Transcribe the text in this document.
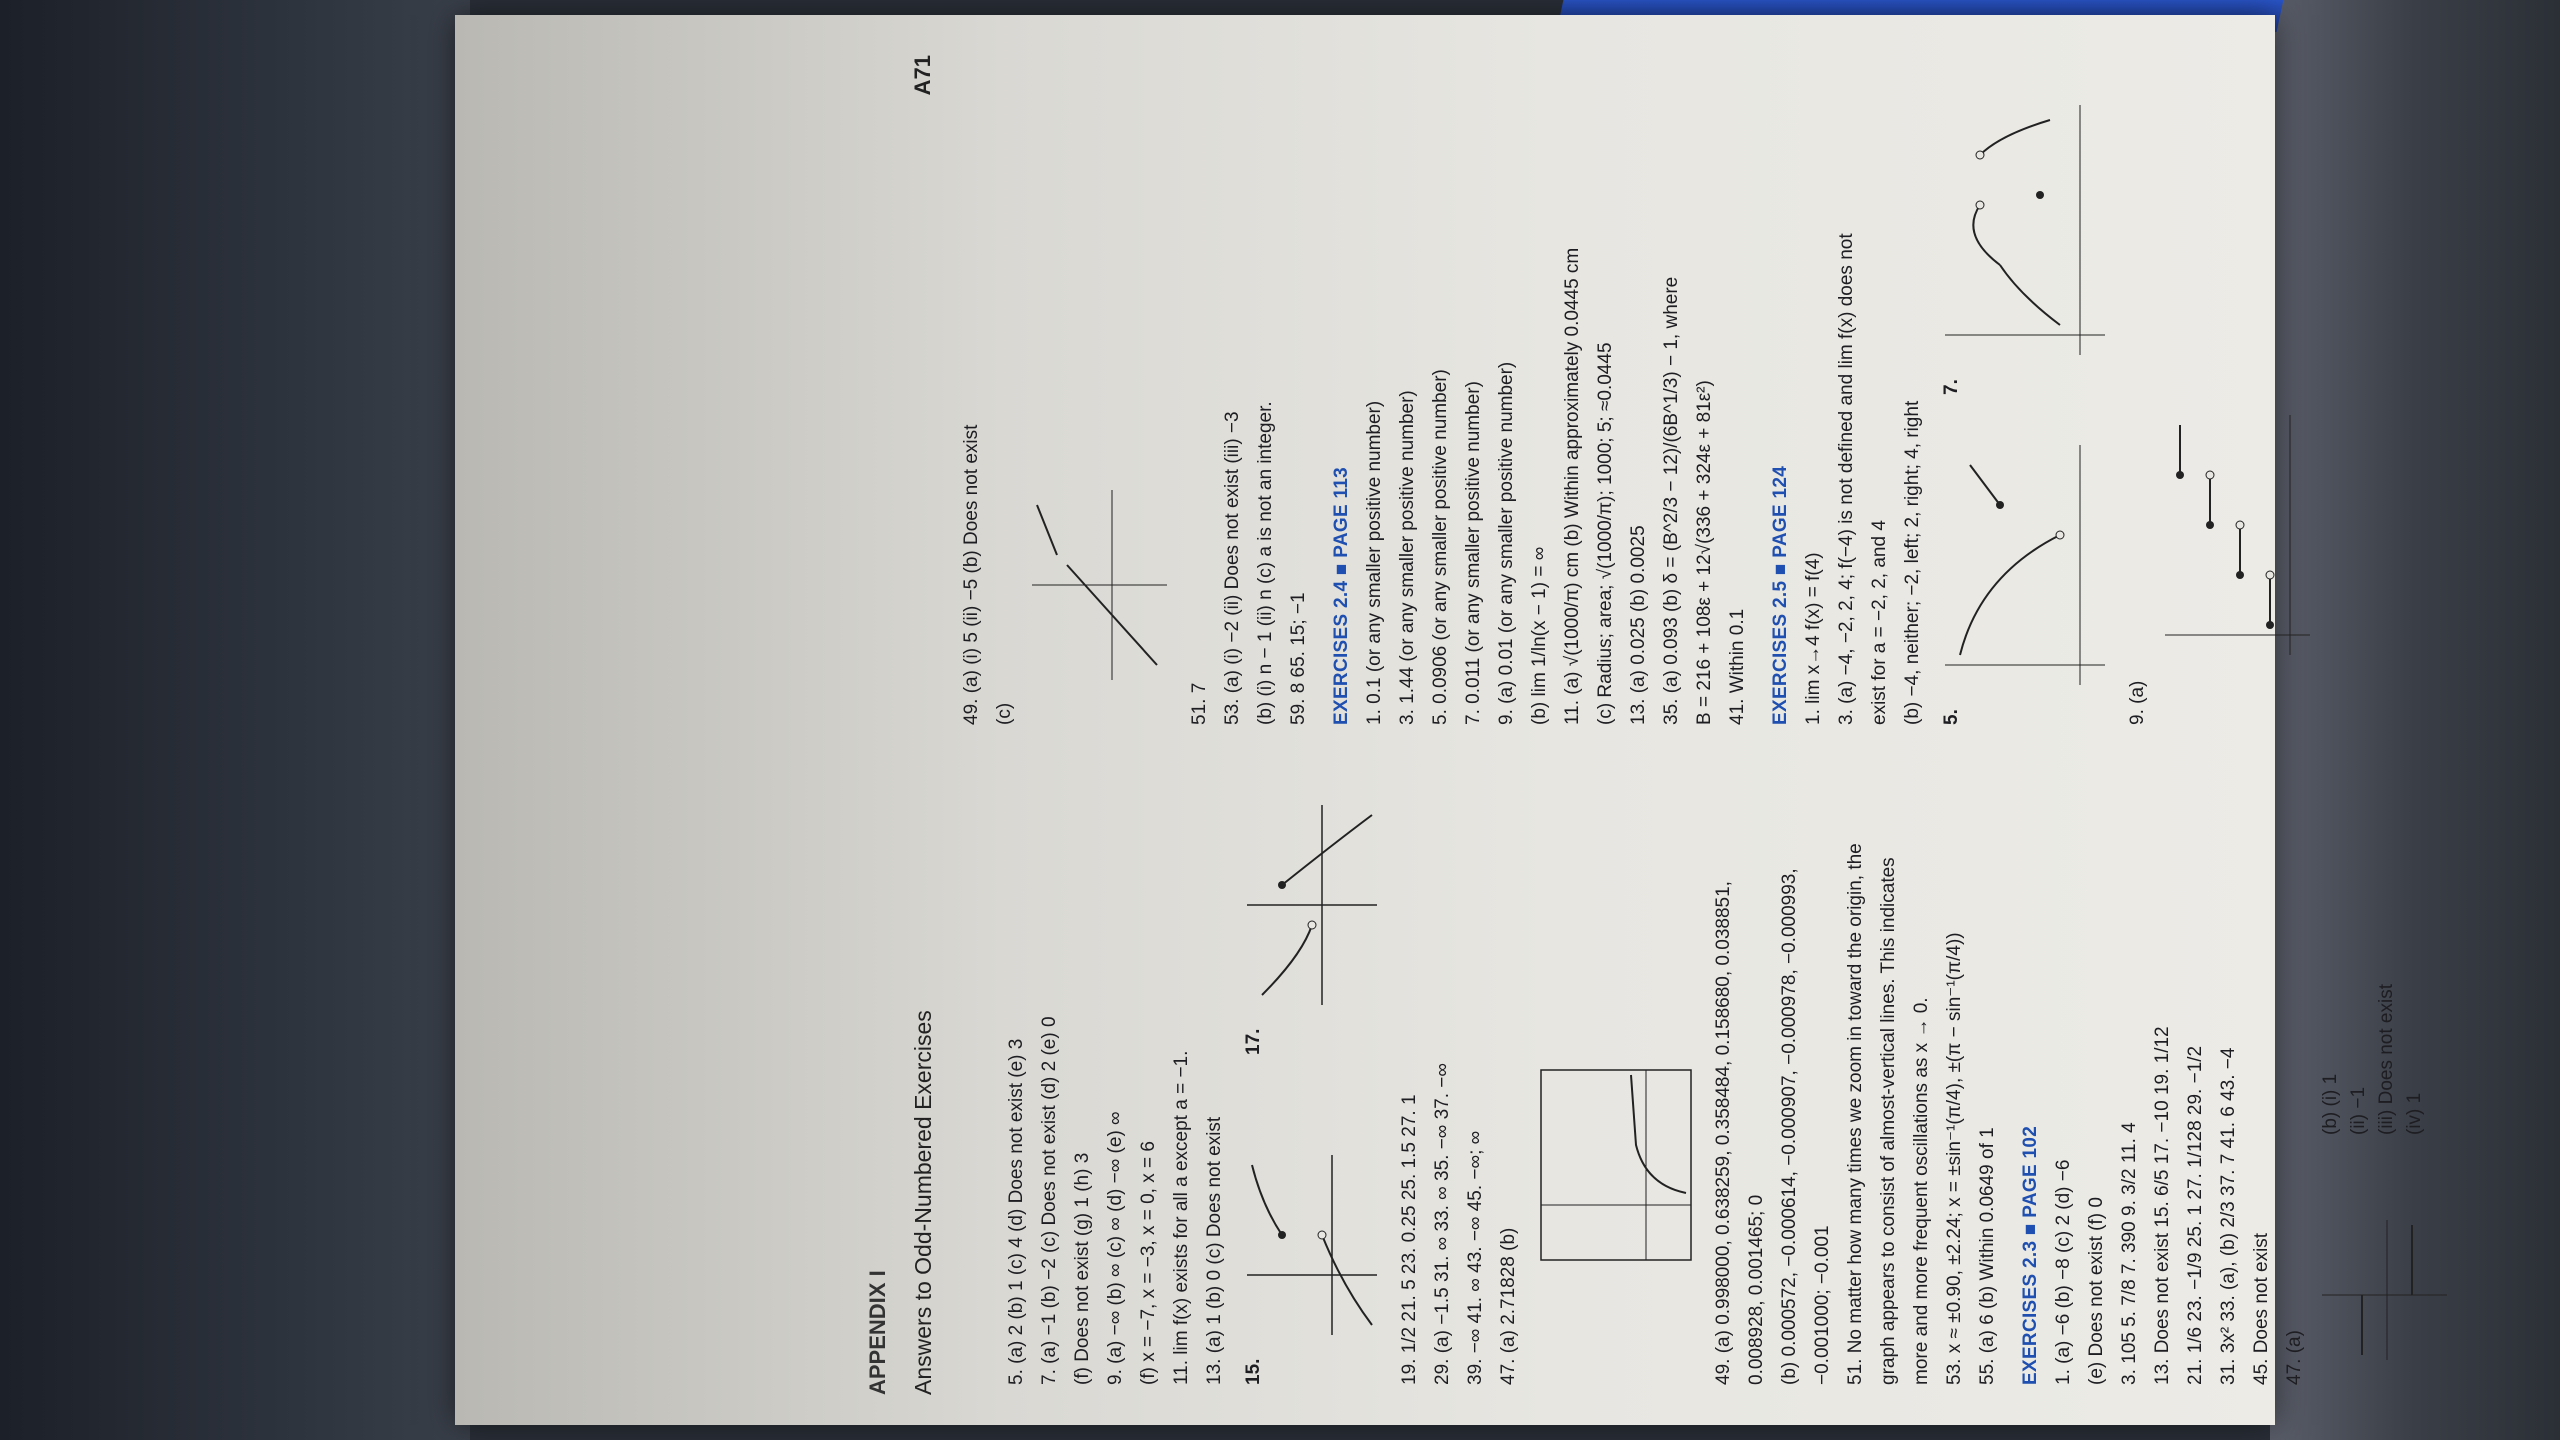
APPENDIX I Answers to Odd-Numbered Exercises
A71
5. (a) 2 (b) 1 (c) 4 (d) Does not exist (e) 3 7. (a) −1 (b) −2 (c) Does not exist (d) 2 (e) 0 (f) Does not exist (g) 1 (h) 3 9. (a) −∞ (b) ∞ (c) ∞ (d) −∞ (e) ∞ (f) x = −7, x = −3, x = 0, x = 6 11. lim f(x) exists for all a except a = −1. 13. (a) 1 (b) 0 (c) Does not exist 15.
17.
19. 1/2 21. 5 23. 0.25 25. 1.5 27. 1 29. (a) −1.5 31. ∞ 33. ∞ 35. −∞ 37. −∞ 39. −∞ 41. ∞ 43. −∞ 45. −∞; ∞ 47. (a) 2.71828 (b)	49. (a) 0.998000, 0.638259, 0.358484, 0.158680, 0.038851, 0.008928, 0.001465; 0 (b) 0.000572, −0.000614, −0.000907, −0.000978, −0.000993, −0.001000; −0.001 51. No matter how many times we zoom in toward the origin, the graph appears to consist of almost-vertical lines. This indicates more and more frequent oscillations as x → 0. 53. x ≈ ±0.90, ±2.24; x = ±sin⁻¹(π/4), ±(π − sin⁻¹(π/4)) 55. (a) 6 (b) Within 0.0649 of 1	EXERCISES 2.3 ■ PAGE 102 1. (a) −6 (b) −8 (c) 2 (d) −6 (e) Does not exist (f) 0 3. 105 5. 7/8 7. 390 9. 3/2 11. 4 13. Does not exist 15. 6/5 17. −10 19. 1/12 21. 1/6 23. −1/9 25. 1 27. 1/128 29. −1/2 31. 3x² 33. (a), (b) 2/3 37. 7 41. 6 43. −4 45. Does not exist 47. (a)
(b) (i) 1 (ii) −1 (iii) Does not exist (iv) 1
49. (a) (i) 5 (ii) −5 (b) Does not exist (c)	51. 7 53. (a) (i) −2 (ii) Does not exist (iii) −3 (b) (i) n − 1 (ii) n (c) a is not an integer. 59. 8 65. 15; −1	EXERCISES 2.4 ■ PAGE 113 1. 0.1 (or any smaller positive number) 3. 1.44 (or any smaller positive number) 5. 0.0906 (or any smaller positive number) 7. 0.011 (or any smaller positive number) 9. (a) 0.01 (or any smaller positive number) (b) lim 1/ln(x − 1) = ∞ 11. (a) √(1000/π) cm (b) Within approximately 0.0445 cm (c) Radius; area; √(1000/π); 1000; 5; ≈0.0445 13. (a) 0.025 (b) 0.0025 35. (a) 0.093 (b) δ = (B^2/3 − 12)/(6B^1/3) − 1, where B = 216 + 108ε + 12√(336 + 324ε + 81ε²) 41. Within 0.1	EXERCISES 2.5 ■ PAGE 124 1. lim x→4 f(x) = f(4) 3. (a) −4, −2, 2, 4; f(−4) is not defined and lim f(x) does not exist for a = −2, 2, and 4 (b) −4, neither; −2, left; 2, right; 4, right 5.
7.
9. (a)
